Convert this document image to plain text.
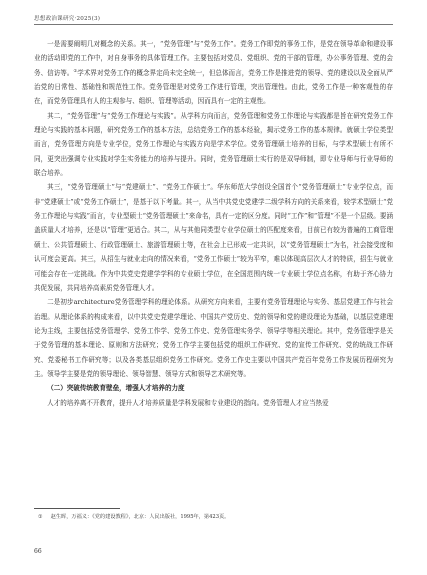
思想政治课研究·2025(3)

一是需要阐明几对概念的关系。其一，“党务管理”与“党务工作”。党务工作即党的事务工作，是党在领导革命和建设事业的活动即党的工作中，对自身事务的具体管理工作。主要包括对党员、党组织、党的干部的管理，办公事务管理、党的会务、信访等。①学术界对党务工作的概念界定尚未完全统一，但总体而言，党务工作是推进党的领导、党的建设以及全面从严治党的日常性、基础性和规范性工作。党务管理是对党务工作进行管理，突出管理性。由此，党务工作是一种客观性的存在，而党务管理具有人的主观参与、组织、管理等活动，因而具有一定的主观性。

其二，“党务管理”与“党务工作理论与实践”。从学科方向而言，党务管理和党务工作理论与实践都是旨在研究党务工作理论与实践的基本问题，研究党务工作的基本方法，总结党务工作的基本经验，揭示党务工作的基本规律。就硕士学位类型而言，党务管理方向是专业学位，党务工作理论与实践方向是学术学位。党务管理硕士培养的目标，与学术型硕士有所不同，更突出强调专业实践对学生实务能力的培养与提升。同时，党务管理硕士实行的是双导师制，即专业导师与行业导师的联合培养。

其三，“党务管理硕士”与“党建硕士”、“党务工作硕士”。华东师范大学创设全国首个“党务管理硕士”专业学位点，而非“党建硕士”或“党务工作硕士”，是基于以下考量。其一，从当中共党史党建学二级学科方向的关系来看，较学术型硕士“党务工作理论与实践”而言，专业型硕士“党务管理硕士”来命名，具有一定的区分度。同时“工作”和“管理”不是一个层级。要涵盖质量人才培养，还是以“管理”更适合。其二，从与其他同类型专业学位硕士的匹配度来看，目前已有较为普遍的工商管理硕士、公共管理硕士、行政管理硕士、旅游管理硕士等，在社会上已形成一定共识，以“党务管理硕士”为名，社会接受度和认可度会更高。其三，从招生与就业走向的情况来看，“党务工作硕士”较为平窄，难以体现高层次人才的特质，招生与就业可能会存在一定挑战。作为中共党史党建学学科的专业硕士学位，在全国范围内统一专业硕士学位点名称，有助于齐心协力共促发展，共同培养高素质党务管理人才。

二是初步architecture党务管理学科的理论体系。从研究方向来看，主要有党务管理理论与实务、基层党建工作与社会治理。从理论体系的构成来看，以中共党史党建学理论、中国共产党历史、党的领导和党的建设理论为基础，以基层党建理论为主线，主要包括党务管理学、党务工作学、党务工作史、党务管理实务学、领导学等相关理论。其中，党务管理学是关于党务管理的基本理论、原则和方法研究；党务工作学主要包括党的组织工作研究、党的宣传工作研究、党的统战工作研究、党委秘书工作研究等；以及各类基层组织党务工作研究。党务工作史主要以中国共产党百年党务工作发展历程研究为主。领导学主要是党的领导理论、领导智慧、领导方式和领导艺术研究等。

（二）突破传统教育壁垒，增强人才培养的力度

人才的培养离不开教育，提升人才培养质量是学科发展和专业建设的指向。党务管理人才应当热爱

① 赵生晖，万福义：《党的建设教程》，北京：人民出版社，1995年，第423页。
66
